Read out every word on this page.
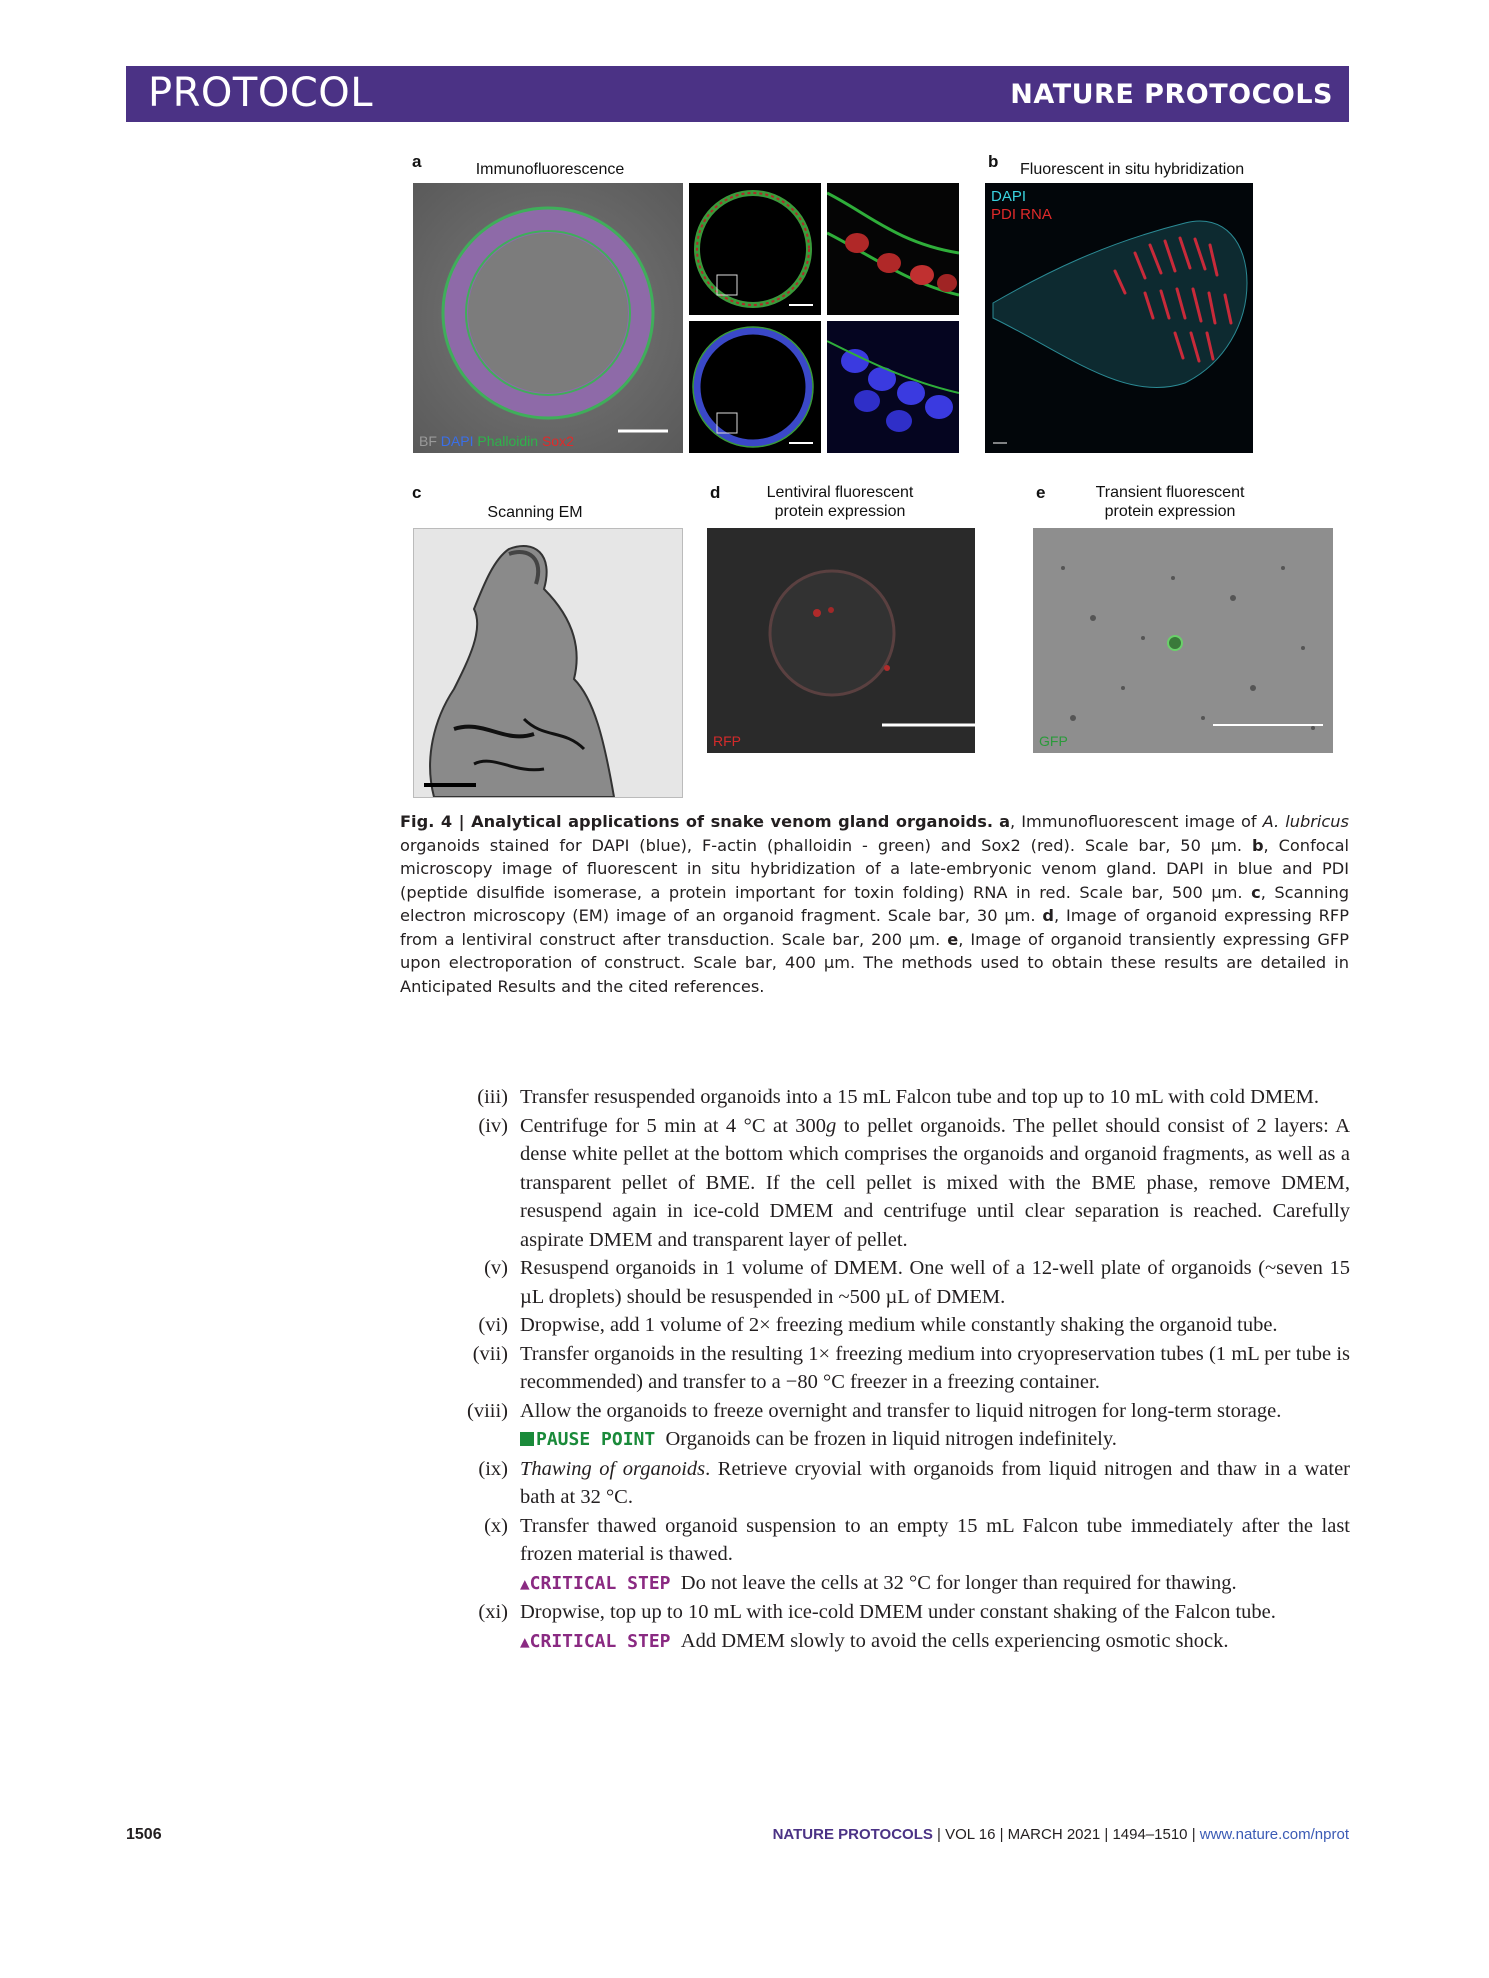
PROTOCOL	NATURE PROTOCOLS
a	Immunofluorescence
BF DAPI Phalloidin Sox2
b Fluorescent in situ hybridization
DAPI
PDI RNA
c
Scanning EM
d	Lentiviral fluorescent
protein expression
RFP
e	Transient fluorescent
protein expression
GFP
Fig. 4 | Analytical applications of snake venom gland organoids. a, Immunofluorescent image of A. lubricus organoids stained for DAPI (blue), F-actin (phalloidin - green) and Sox2 (red). Scale bar, 50 µm. b, Confocal microscopy image of fluorescent in situ hybridization of a late-embryonic venom gland. DAPI in blue and PDI (peptide disulfide isomerase, a protein important for toxin folding) RNA in red. Scale bar, 500 µm. c, Scanning electron microscopy (EM) image of an organoid fragment. Scale bar, 30 µm. d, Image of organoid expressing RFP from a lentiviral construct after transduction. Scale bar, 200 µm. e, Image of organoid transiently expressing GFP upon electroporation of construct. Scale bar, 400 µm. The methods used to obtain these results are detailed in Anticipated Results and the cited references.
(iii) Transfer resuspended organoids into a 15 mL Falcon tube and top up to 10 mL with cold DMEM.
(iv) Centrifuge for 5 min at 4 °C at 300g to pellet organoids. The pellet should consist of 2 layers: A dense white pellet at the bottom which comprises the organoids and organoid fragments, as well as a transparent pellet of BME. If the cell pellet is mixed with the BME phase, remove DMEM, resuspend again in ice-cold DMEM and centrifuge until clear separation is reached. Carefully aspirate DMEM and transparent layer of pellet.
(v) Resuspend organoids in 1 volume of DMEM. One well of a 12-well plate of organoids (~seven 15 µL droplets) should be resuspended in ~500 µL of DMEM.
(vi) Dropwise, add 1 volume of 2× freezing medium while constantly shaking the organoid tube.
(vii) Transfer organoids in the resulting 1× freezing medium into cryopreservation tubes (1 mL per tube is recommended) and transfer to a −80 °C freezer in a freezing container.
(viii) Allow the organoids to freeze overnight and transfer to liquid nitrogen for long-term storage.
PAUSE POINT Organoids can be frozen in liquid nitrogen indefinitely.
(ix) Thawing of organoids. Retrieve cryovial with organoids from liquid nitrogen and thaw in a water bath at 32 °C.
(x) Transfer thawed organoid suspension to an empty 15 mL Falcon tube immediately after the last frozen material is thawed.
▲CRITICAL STEP Do not leave the cells at 32 °C for longer than required for thawing.
(xi) Dropwise, top up to 10 mL with ice-cold DMEM under constant shaking of the Falcon tube.
▲CRITICAL STEP Add DMEM slowly to avoid the cells experiencing osmotic shock.
1506	NATURE PROTOCOLS | VOL 16 | MARCH 2021 | 1494–1510 | www.nature.com/nprot
